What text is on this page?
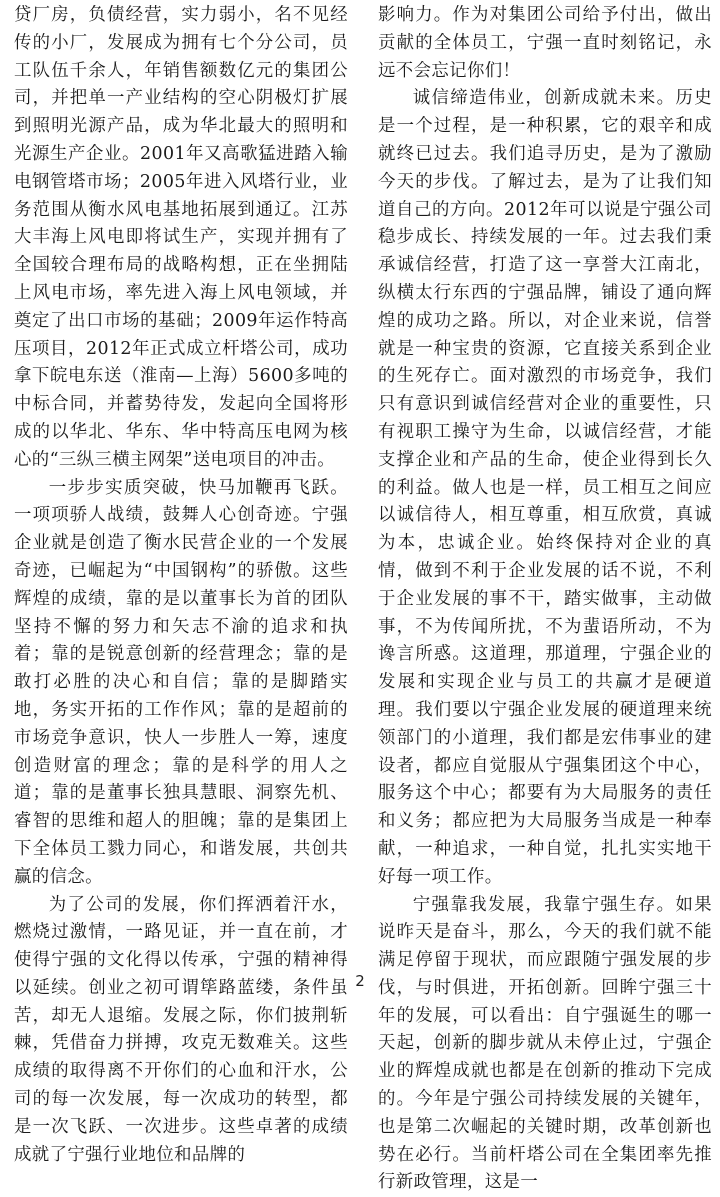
贷厂房，负债经营，实力弱小，名不见经传的小厂，发展成为拥有七个分公司，员工队伍千余人，年销售额数亿元的集团公司，并把单一产业结构的空心阴极灯扩展到照明光源产品，成为华北最大的照明和光源生产企业。2001年又高歌猛进踏入输电钢管塔市场；2005年进入风塔行业，业务范围从衡水风电基地拓展到通辽。江苏大丰海上风电即将试生产，实现并拥有了全国较合理布局的战略构想，正在坐拥陆上风电市场，率先进入海上风电领域，并奠定了出口市场的基础；2009年运作特高压项目，2012年正式成立杆塔公司，成功拿下皖电东送（淮南—上海）5600多吨的中标合同，并蓄势待发，发起向全国将形成的以华北、华东、华中特高压电网为核心的“三纵三横主网架”送电项目的冲击。

一步步实质突破，快马加鞭再飞跃。一项项骄人战绩，鼓舞人心创奇迹。宁强企业就是创造了衡水民营企业的一个发展奇迹，已崛起为“中国钢构”的骄傲。这些辉煌的成绩，靠的是以董事长为首的团队坚持不懈的努力和矢志不渝的追求和执着；靠的是锐意创新的经营理念；靠的是敢打必胜的决心和自信；靠的是脚踏实地，务实开拓的工作作风；靠的是超前的市场竞争意识，快人一步胜人一筹，速度创造财富的理念；靠的是科学的用人之道；靠的是董事长独具慧眼、洞察先机、睿智的思维和超人的胆魄；靠的是集团上下全体员工戮力同心，和谐发展，共创共赢的信念。

为了公司的发展，你们挥洒着汗水，燃烧过激情，一路见证，并一直在前，才使得宁强的文化得以传承，宁强的精神得以延续。创业之初可谓筚路蓝缕，条件虽苦，却无人退缩。发展之际，你们披荆斩棘，凭借奋力拼搏，攻克无数难关。这些成绩的取得离不开你们的心血和汗水，公司的每一次发展，每一次成功的转型，都是一次飞跃、一次进步。这些卓著的成绩成就了宁强行业地位和品牌的

影响力。作为对集团公司给予付出，做出贡献的全体员工，宁强一直时刻铭记，永远不会忘记你们！

诚信缔造伟业，创新成就未来。历史是一个过程，是一种积累，它的艰辛和成就终已过去。我们追寻历史，是为了激励今天的步伐。了解过去，是为了让我们知道自己的方向。2012年可以说是宁强公司稳步成长、持续发展的一年。过去我们秉承诚信经营，打造了这一享誉大江南北，纵横太行东西的宁强品牌，铺设了通向辉煌的成功之路。所以，对企业来说，信誉就是一种宝贵的资源，它直接关系到企业的生死存亡。面对激烈的市场竞争，我们只有意识到诚信经营对企业的重要性，只有视职工操守为生命，以诚信经营，才能支撑企业和产品的生命，使企业得到长久的利益。做人也是一样，员工相互之间应以诚信待人，相互尊重，相互欣赏，真诚为本，忠诚企业。始终保持对企业的真情，做到不利于企业发展的话不说，不利于企业发展的事不干，踏实做事，主动做事，不为传闻所扰，不为蜚语所动，不为谗言所惑。这道理，那道理，宁强企业的发展和实现企业与员工的共赢才是硬道理。我们要以宁强企业发展的硬道理来统领部门的小道理，我们都是宏伟事业的建设者，都应自觉服从宁强集团这个中心，服务这个中心；都要有为大局服务的责任和义务；都应把为大局服务当成是一种奉献，一种追求，一种自觉，扎扎实实地干好每一项工作。

宁强靠我发展，我靠宁强生存。如果说昨天是奋斗，那么，今天的我们就不能满足停留于现状，而应跟随宁强发展的步伐，与时俱进，开拓创新。回眸宁强三十年的发展，可以看出：自宁强诞生的哪一天起，创新的脚步就从未停止过，宁强企业的辉煌成就也都是在创新的推动下完成的。今年是宁强公司持续发展的关键年，也是第二次崛起的关键时期，改革创新也势在必行。当前杆塔公司在全集团率先推行新政管理，这是一

2
